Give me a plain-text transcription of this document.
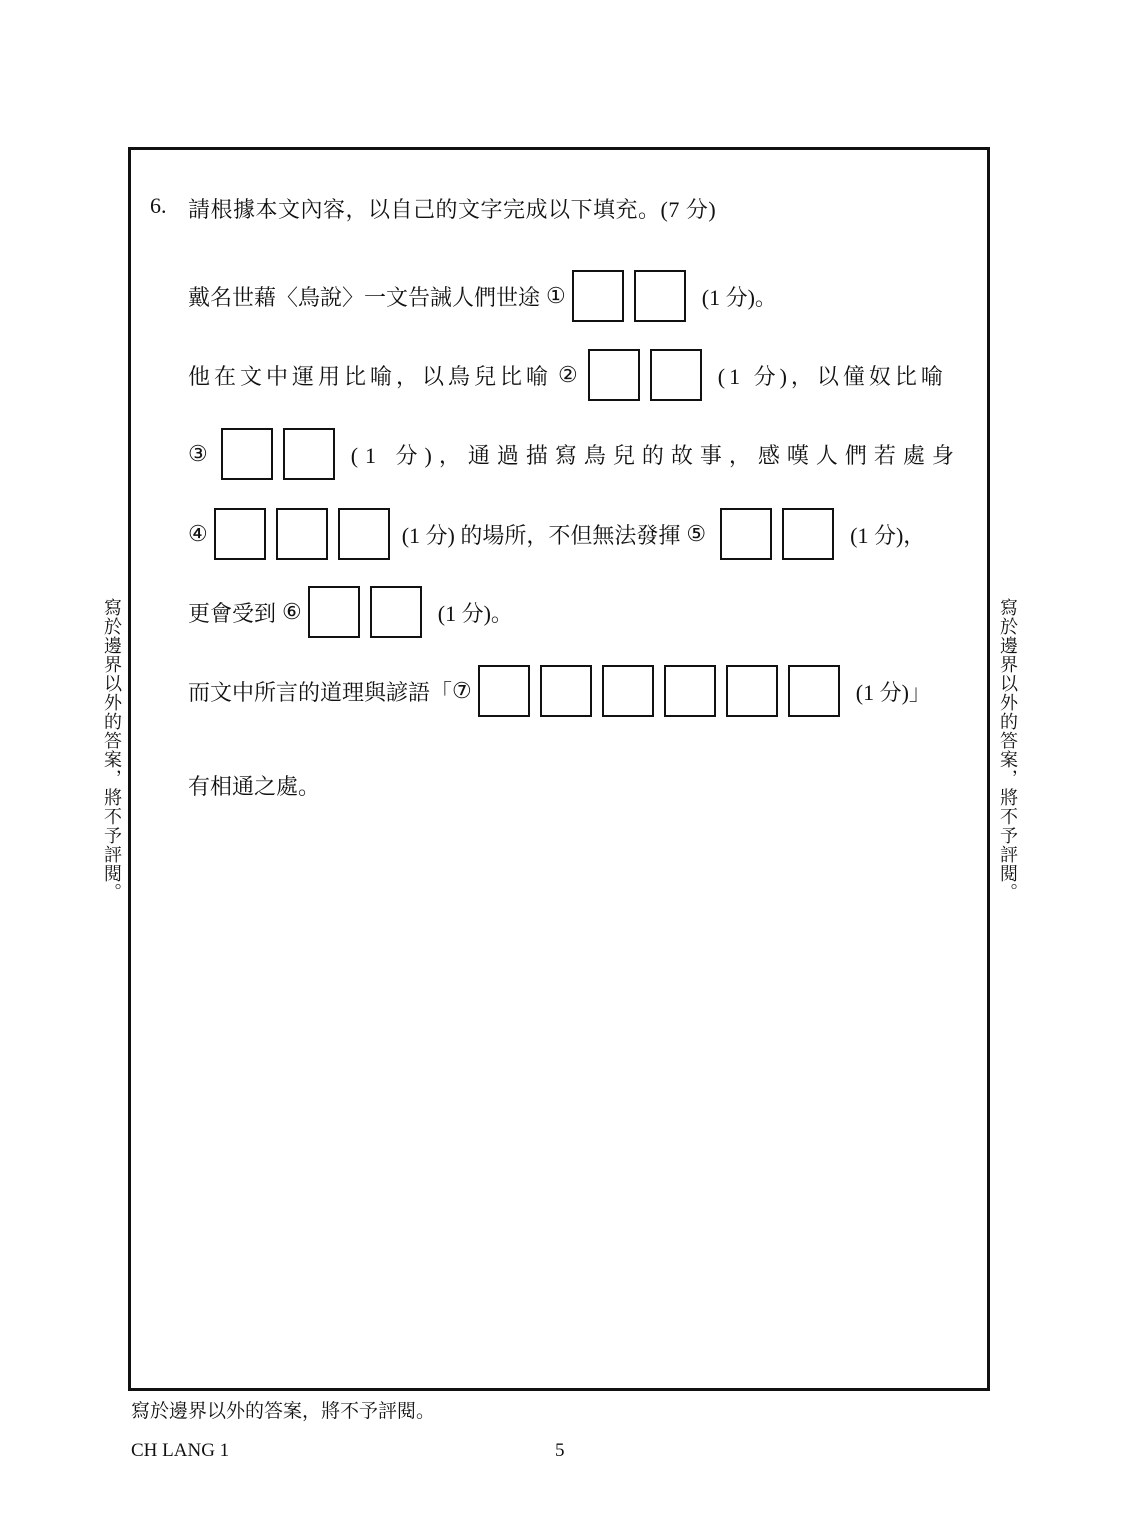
6. 請根據本文內容，以自己的文字完成以下填充。(7 分)
戴名世藉〈鳥說〉一文告誡人們世途 ①	(1 分)。
他在文中運用比喻，以鳥兒比喻 ②	(1 分)，以僮奴比喻
③	(1 分)，通過描寫鳥兒的故事，感嘆人們若處身
④	(1 分) 的場所，不但無法發揮 ⑤	(1 分)，
更會受到 ⑥	(1 分)。
而文中所言的道理與諺語「 ⑦	(1 分)」
有相通之處。
寫於邊界以外的答案，將不予評閱。	寫於邊界以外的答案，將不予評閱。
寫於邊界以外的答案，將不予評閱。
CH LANG 1	5
